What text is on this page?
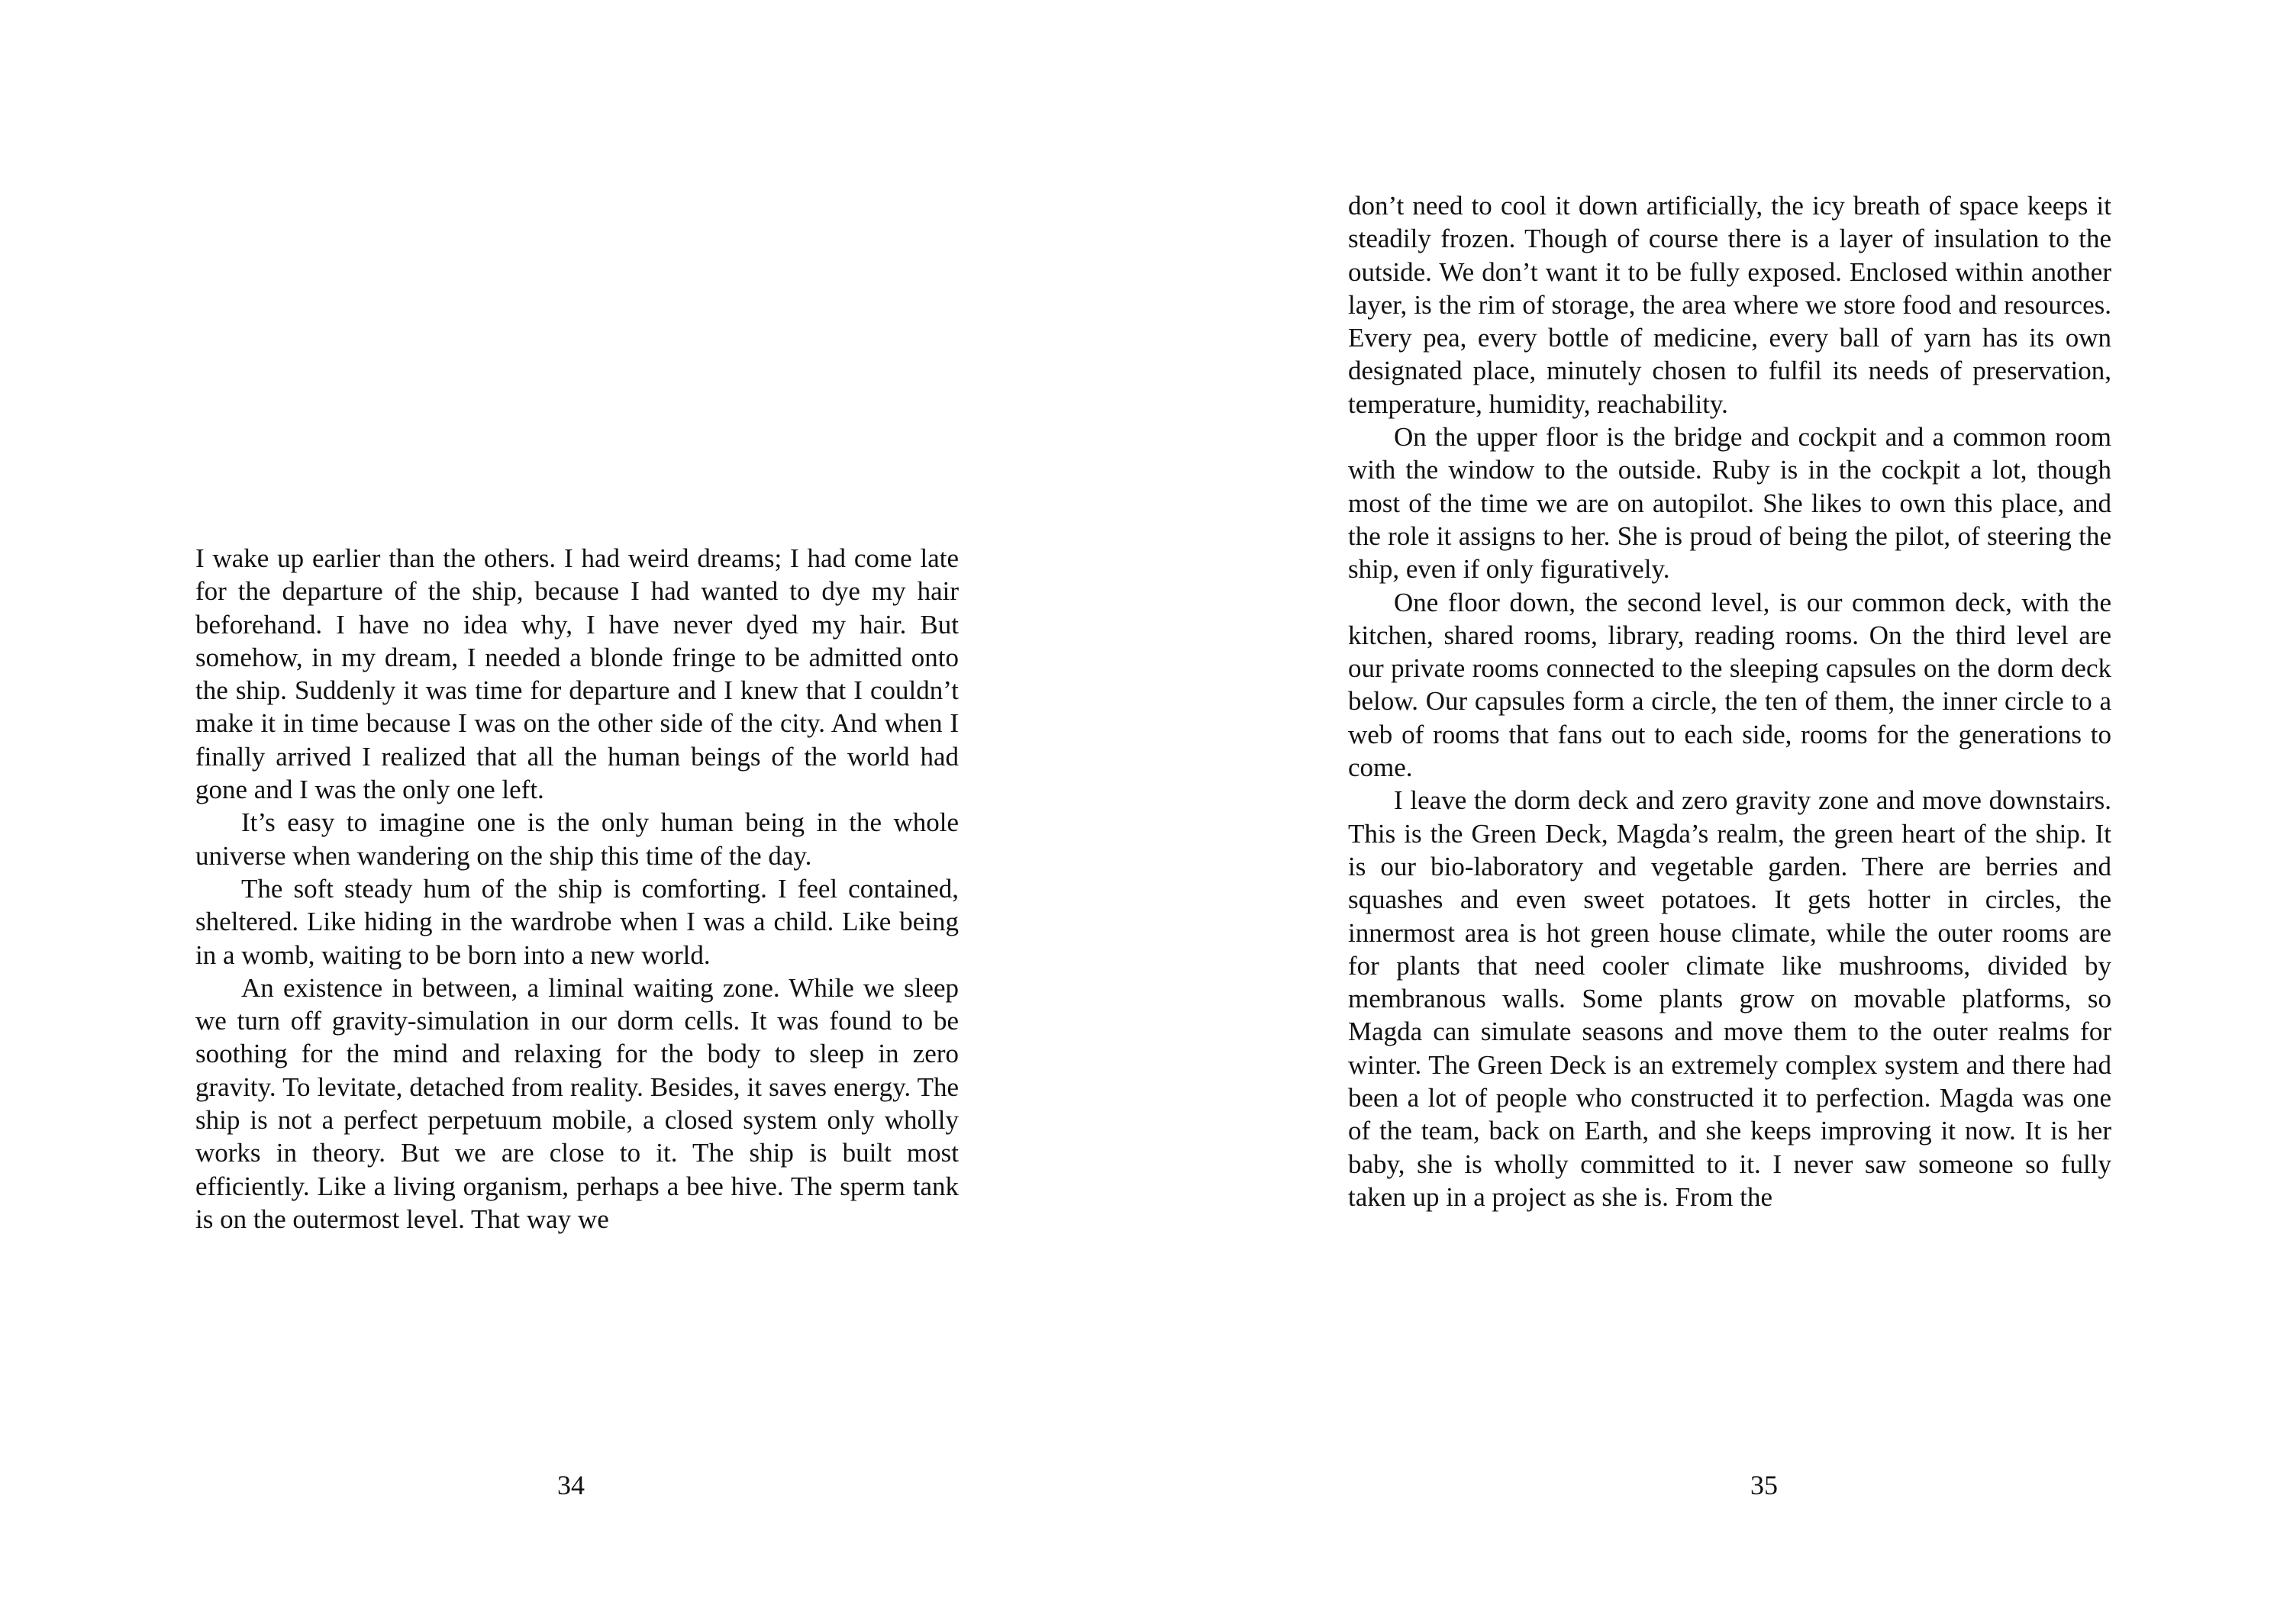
I wake up earlier than the others. I had weird dreams; I had come late for the departure of the ship, because I had wanted to dye my hair beforehand. I have no idea why, I have never dyed my hair. But somehow, in my dream, I needed a blonde fringe to be admitted onto the ship. Suddenly it was time for departure and I knew that I couldn’t make it in time because I was on the other side of the city. And when I finally arrived I realized that all the human beings of the world had gone and I was the only one left.

It’s easy to imagine one is the only human being in the whole universe when wandering on the ship this time of the day.

The soft steady hum of the ship is comforting. I feel contained, sheltered. Like hiding in the wardrobe when I was a child. Like being in a womb, waiting to be born into a new world.

An existence in between, a liminal waiting zone. While we sleep we turn off gravity-simulation in our dorm cells. It was found to be soothing for the mind and relaxing for the body to sleep in zero gravity. To levitate, detached from reality. Besides, it saves energy. The ship is not a perfect perpetuum mobile, a closed system only wholly works in theory. But we are close to it. The ship is built most efficiently. Like a living organism, perhaps a bee hive. The sperm tank is on the outermost level. That way we

34

don’t need to cool it down artificially, the icy breath of space keeps it steadily frozen. Though of course there is a layer of insulation to the outside. We don’t want it to be fully exposed. Enclosed within another layer, is the rim of storage, the area where we store food and resources. Every pea, every bottle of medicine, every ball of yarn has its own designated place, minutely chosen to fulfil its needs of preservation, temperature, humidity, reachability.

On the upper floor is the bridge and cockpit and a common room with the window to the outside. Ruby is in the cockpit a lot, though most of the time we are on autopilot. She likes to own this place, and the role it assigns to her. She is proud of being the pilot, of steering the ship, even if only figuratively.

One floor down, the second level, is our common deck, with the kitchen, shared rooms, library, reading rooms. On the third level are our private rooms connected to the sleeping capsules on the dorm deck below. Our capsules form a circle, the ten of them, the inner circle to a web of rooms that fans out to each side, rooms for the generations to come.

I leave the dorm deck and zero gravity zone and move downstairs. This is the Green Deck, Magda’s realm, the green heart of the ship. It is our bio-laboratory and vegetable garden. There are berries and squashes and even sweet potatoes. It gets hotter in circles, the innermost area is hot green house climate, while the outer rooms are for plants that need cooler climate like mushrooms, divided by membranous walls. Some plants grow on movable platforms, so Magda can simulate seasons and move them to the outer realms for winter. The Green Deck is an extremely complex system and there had been a lot of people who constructed it to perfection. Magda was one of the team, back on Earth, and she keeps improving it now. It is her baby, she is wholly committed to it. I never saw someone so fully taken up in a project as she is. From the

35
